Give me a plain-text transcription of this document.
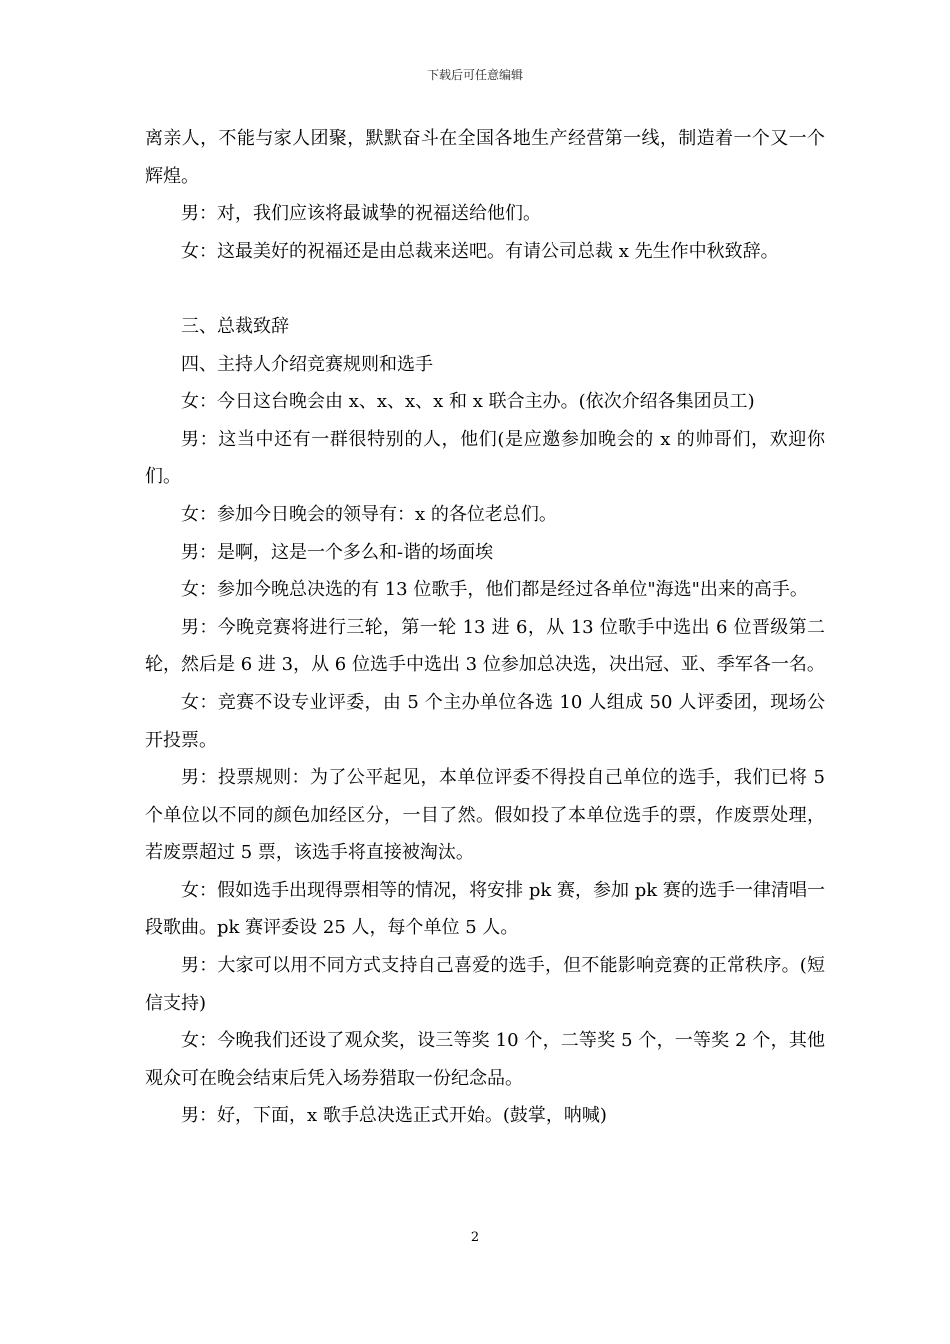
下载后可任意编辑

离亲人，不能与家人团聚，默默奋斗在全国各地生产经营第一线，制造着一个又一个辉煌。

男：对，我们应该将最诚挚的祝福送给他们。

女：这最美好的祝福还是由总裁来送吧。有请公司总裁 x 先生作中秋致辞。

三、总裁致辞

四、主持人介绍竞赛规则和选手

女：今日这台晚会由 x、x、x、x 和 x 联合主办。(依次介绍各集团员工)

男：这当中还有一群很特别的人，他们(是应邀参加晚会的 x 的帅哥们，欢迎你们。

女：参加今日晚会的领导有：x 的各位老总们。

男：是啊，这是一个多么和-谐的场面埃

女：参加今晚总决选的有 13 位歌手，他们都是经过各单位"海选"出来的高手。

男：今晚竞赛将进行三轮，第一轮 13 进 6，从 13 位歌手中选出 6 位晋级第二轮，然后是 6 进 3，从 6 位选手中选出 3 位参加总决选，决出冠、亚、季军各一名。

女：竞赛不设专业评委，由 5 个主办单位各选 10 人组成 50 人评委团，现场公开投票。

男：投票规则：为了公平起见，本单位评委不得投自己单位的选手，我们已将 5 个单位以不同的颜色加经区分，一目了然。假如投了本单位选手的票，作废票处理，若废票超过 5 票，该选手将直接被淘汰。

女：假如选手出现得票相等的情况，将安排 pk 赛，参加 pk 赛的选手一律清唱一段歌曲。pk 赛评委设 25 人，每个单位 5 人。

男：大家可以用不同方式支持自己喜爱的选手，但不能影响竞赛的正常秩序。(短信支持)

女：今晚我们还设了观众奖，设三等奖 10 个，二等奖 5 个，一等奖 2 个，其他观众可在晚会结束后凭入场券猎取一份纪念品。

男：好，下面，x 歌手总决选正式开始。(鼓掌，呐喊)

2
